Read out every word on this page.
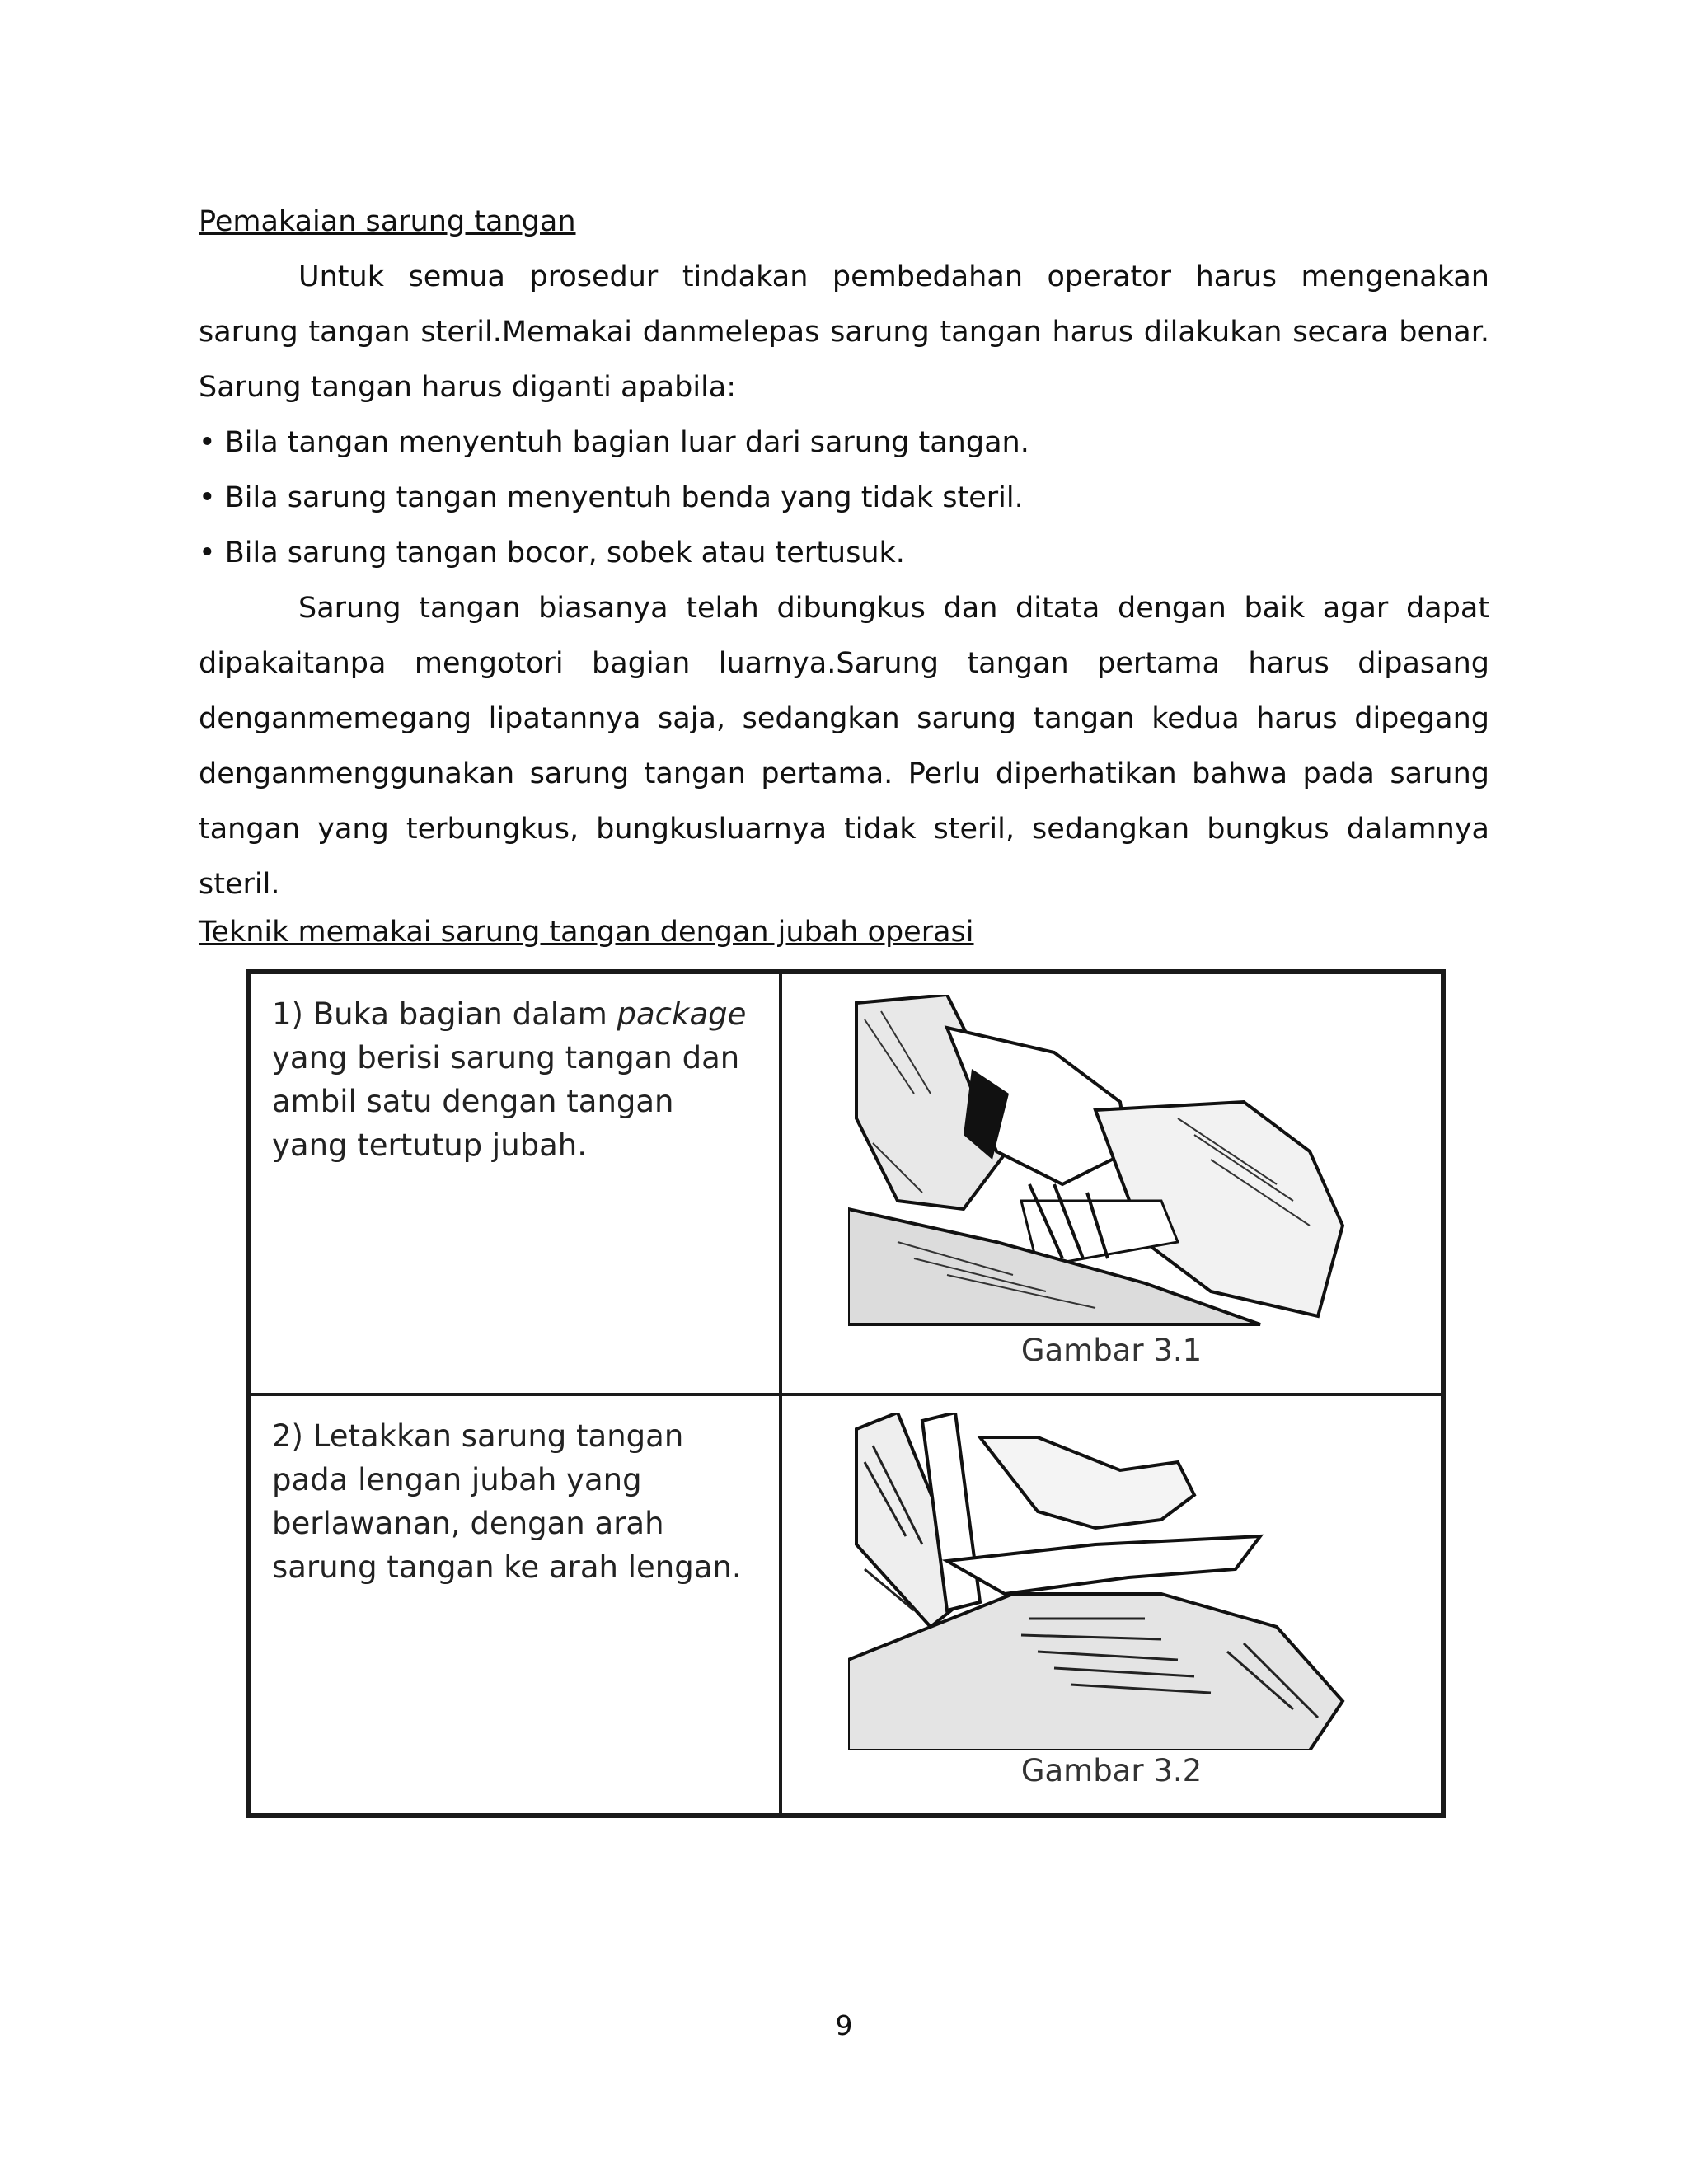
Pemakaian sarung tangan
Untuk semua prosedur tindakan pembedahan operator harus mengenakan sarung tangan steril.Memakai danmelepas sarung tangan harus dilakukan secara benar. Sarung tangan harus diganti apabila:
• Bila tangan menyentuh bagian luar dari sarung tangan.
• Bila sarung tangan menyentuh benda yang tidak steril.
• Bila sarung tangan bocor, sobek atau tertusuk.
Sarung tangan biasanya telah dibungkus dan ditata dengan baik agar dapat dipakaitanpa mengotori bagian luarnya.Sarung tangan pertama harus dipasang denganmemegang lipatannya saja, sedangkan sarung tangan kedua harus dipegang denganmenggunakan sarung tangan pertama. Perlu diperhatikan bahwa pada sarung tangan yang terbungkus, bungkusluarnya tidak steril, sedangkan bungkus dalamnya steril.
Teknik memakai sarung tangan dengan jubah operasi
1) Buka bagian dalam package yang berisi sarung tangan dan ambil satu dengan tangan yang tertutup jubah.
Gambar 3.1
2) Letakkan sarung tangan pada lengan jubah yang berlawanan, dengan arah sarung tangan ke arah lengan.
Gambar 3.2
9
